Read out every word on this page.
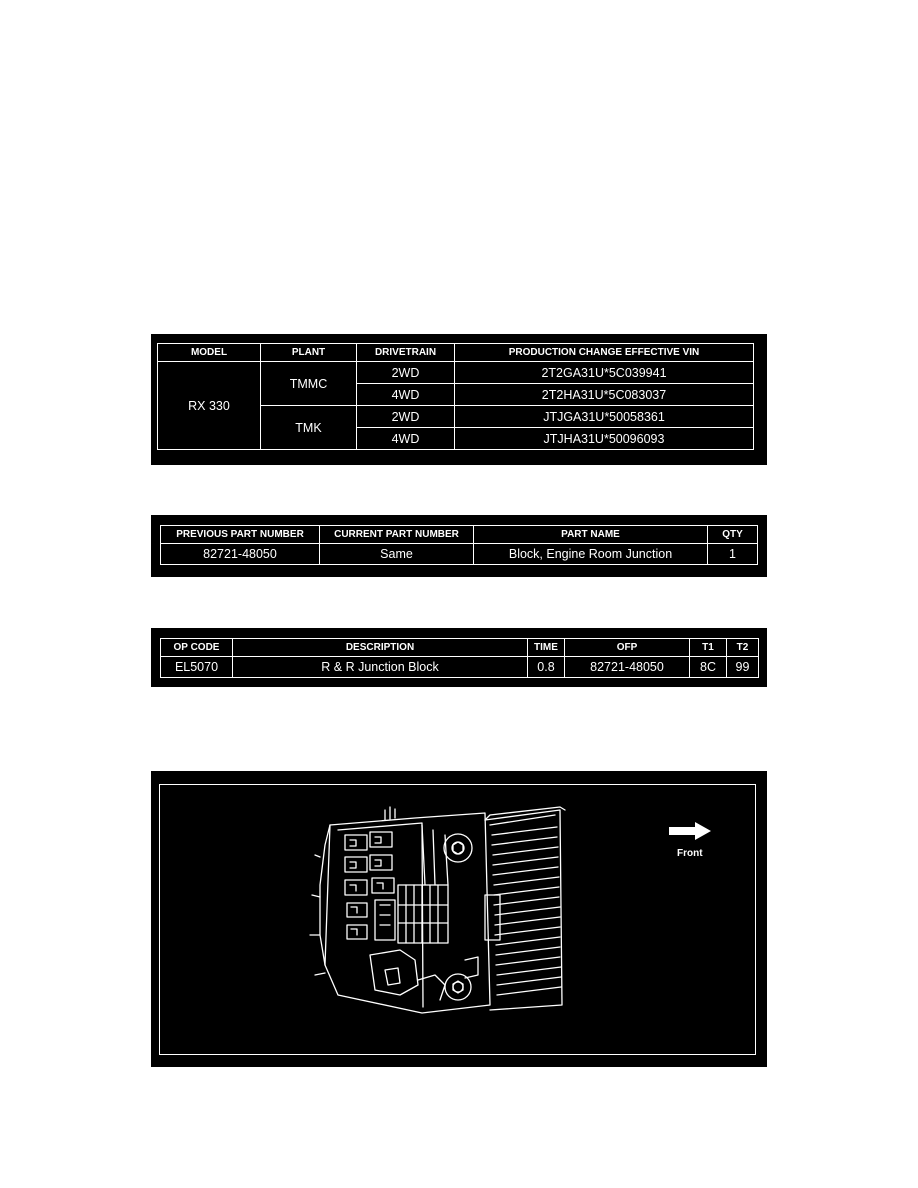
MODEL	PLANT	DRIVETRAIN	PRODUCTION CHANGE EFFECTIVE VIN
RX 330	TMMC	2WD	2T2GA31U*5C039941
		4WD	2T2HA31U*5C083037
	TMK	2WD	JTJGA31U*50058361
		4WD	JTJHA31U*50096093
PREVIOUS PART NUMBER	CURRENT PART NUMBER	PART NAME	QTY
82721-48050	Same	Block, Engine Room Junction	1
OP CODE	DESCRIPTION	TIME	OFP	T1	T2
EL5070	R & R Junction Block	0.8	82721-48050	8C	99
Front
